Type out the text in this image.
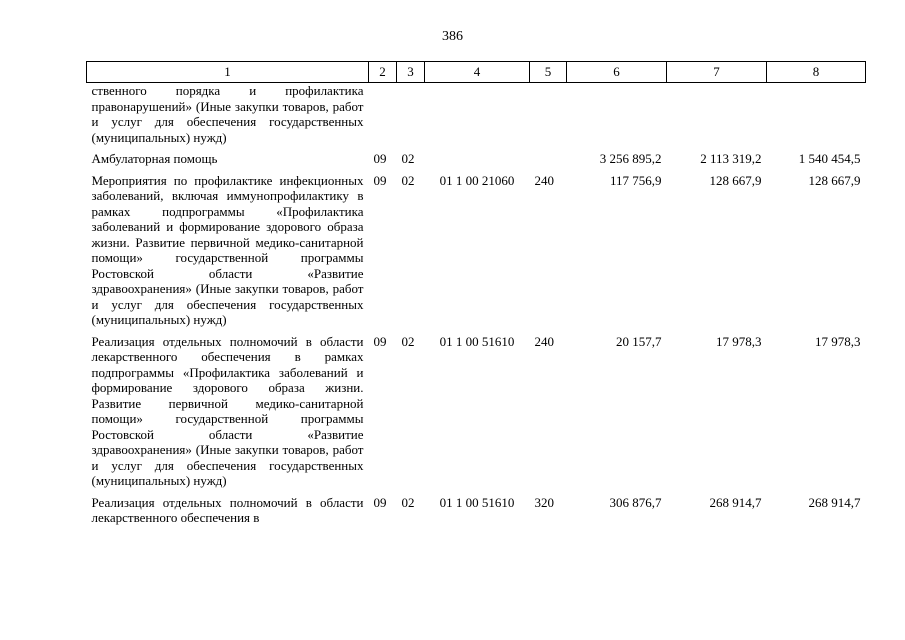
386
1	2	3	4	5	6	7	8
ственного порядка и профилактика правонарушений» (Иные закупки товаров, работ и услуг для обеспечения государственных (муниципальных) нужд)							
Амбулаторная помощь	09	02			3 256 895,2	2 113 319,2	1 540 454,5
Мероприятия по профилактике инфекционных заболеваний, включая иммунопрофилактику в рамках подпрограммы «Профилактика заболеваний и формирование здорового образа жизни. Развитие первичной медико-санитарной помощи» государственной программы Ростовской области «Развитие здравоохранения» (Иные закупки товаров, работ и услуг для обеспечения государственных (муниципальных) нужд)	09	02	01 1 00 21060	240	117 756,9	128 667,9	128 667,9
Реализация отдельных полномочий в области лекарственного обеспечения в рамках подпрограммы «Профилактика заболеваний и формирование здорового образа жизни. Развитие первичной медико-санитарной помощи» государственной программы Ростовской области «Развитие здравоохранения» (Иные закупки товаров, работ и услуг для обеспечения государственных (муниципальных) нужд)	09	02	01 1 00 51610	240	20 157,7	17 978,3	17 978,3
Реализация отдельных полномочий в области лекарственного обеспечения в	09	02	01 1 00 51610	320	306 876,7	268 914,7	268 914,7
